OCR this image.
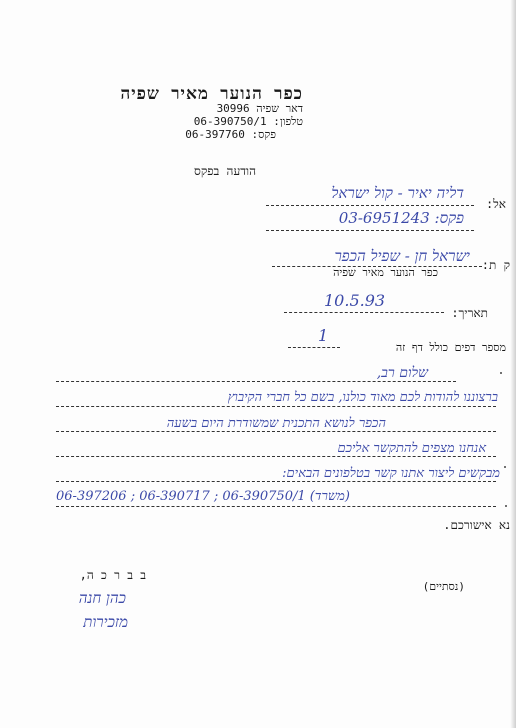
כפר הנוער מאיר שפיה
דאר שפיה 30996
טלפון: 06-390750/1
פקס: 06-397760
הודעה בפקס
אל:
דליה יאיר - קול ישראל
פקס: 03-6951243
ק ת:
ישראל חן - שפיל הכפר
כפר הנוער מאיר שפיה
10.5.93
תאריך:
1
מספר דפים כולל דף זה
שלום רב,
ברצוננו להודות לכם מאוד כולנו, בשם כל חברי הקיבוץ
הכפר לנושא התכנית שמשודרת היום בשעה
אנחנו מצפים להתקשר אליכם
מבקשים ליצור אתנו קשר בטלפונים הבאים:
06-397206 ; 06-390717 ; 06-390750/1 (משרד)
נא אישורכם.
ב ב ר כ ה,
כהן חנה
מזכירות
(נסתיים)
